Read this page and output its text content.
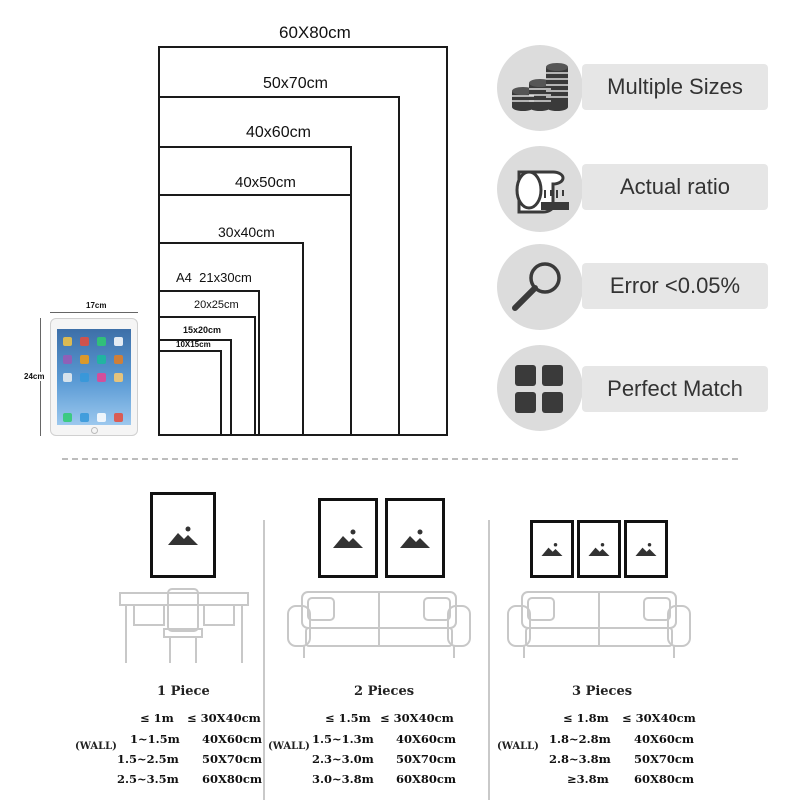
60X80cm
50x70cm
40x60cm
40x50cm
30x40cm
A4  21x30cm
20x25cm
15x20cm
10X15cm
17cm
24cm
Multiple Sizes
Actual ratio
Error <0.05%
Perfect Match
1 Piece
(WALL)
≤ 1m ≤ 30X40cm
1~1.5m 40X60cm
1.5~2.5m 50X70cm
2.5~3.5m 60X80cm
2 Pieces
(WALL)
≤ 1.5m ≤ 30X40cm
1.5~1.3m 40X60cm
2.3~3.0m 50X70cm
3.0~3.8m 60X80cm
3 Pieces
(WALL)
≤ 1.8m ≤ 30X40cm
1.8~2.8m 40X60cm
2.8~3.8m 50X70cm
≥3.8m 60X80cm
